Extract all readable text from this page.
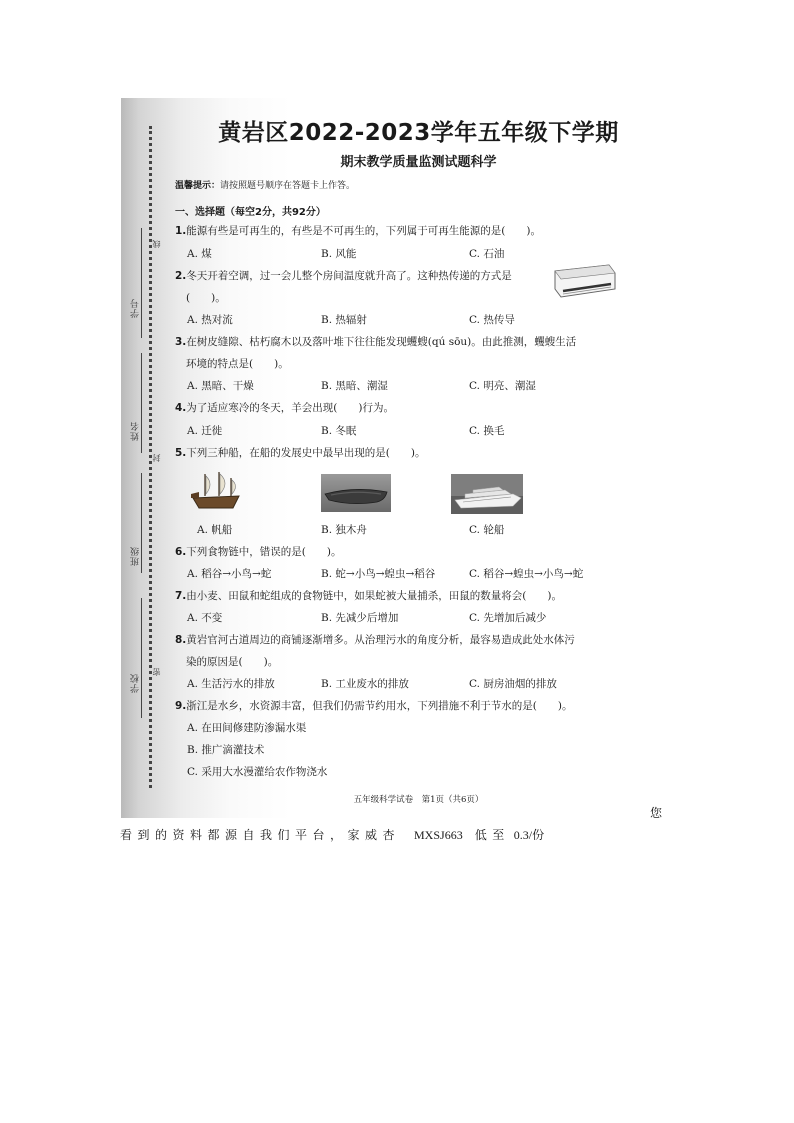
学号
线
姓名
封
班级
学校
密
黄岩区2022-2023学年五年级下学期
期末教学质量监测试题科学
温馨提示：请按照题号顺序在答题卡上作答。
一、选择题（每空2分，共92分）
1.能源有些是可再生的，有些是不可再生的，下列属于可再生能源的是(　　)。
A. 煤	B. 风能	C. 石油
2.冬天开着空调，过一会儿整个房间温度就升高了。这种热传递的方式是
(　　)。
A. 热对流	B. 热辐射	C. 热传导
3.在树皮缝隙、枯朽腐木以及落叶堆下往往能发现蠼螋(qú sōu)。由此推测，蠼螋生活
环境的特点是(　　)。
A. 黑暗、干燥	B. 黑暗、潮湿	C. 明亮、潮湿
4.为了适应寒冷的冬天，羊会出现(　　)行为。
A. 迁徙	B. 冬眠	C. 换毛
5.下列三种船，在船的发展史中最早出现的是(　　)。
A. 帆船	B. 独木舟	C. 轮船
6.下列食物链中，错误的是(　　)。
A. 稻谷→小鸟→蛇	B. 蛇→小鸟→蝗虫→稻谷	C. 稻谷→蝗虫→小鸟→蛇
7.由小麦、田鼠和蛇组成的食物链中，如果蛇被大量捕杀，田鼠的数量将会(　　)。
A. 不变	B. 先减少后增加	C. 先增加后减少
8.黄岩官河古道周边的商铺逐渐增多。从治理污水的角度分析，最容易造成此处水体污
染的原因是(　　)。
A. 生活污水的排放	B. 工业废水的排放	C. 厨房油烟的排放
9.浙江是水乡，水资源丰富，但我们仍需节约用水，下列措施不利于节水的是(　　)。
A. 在田间修建防渗漏水渠
B. 推广滴灌技术
C. 采用大水漫灌给农作物浇水
五年级科学试卷　第1页（共6页）
您
看到的资料都源自我们平台，家威杏 MXSJ663 低至 0.3/份
